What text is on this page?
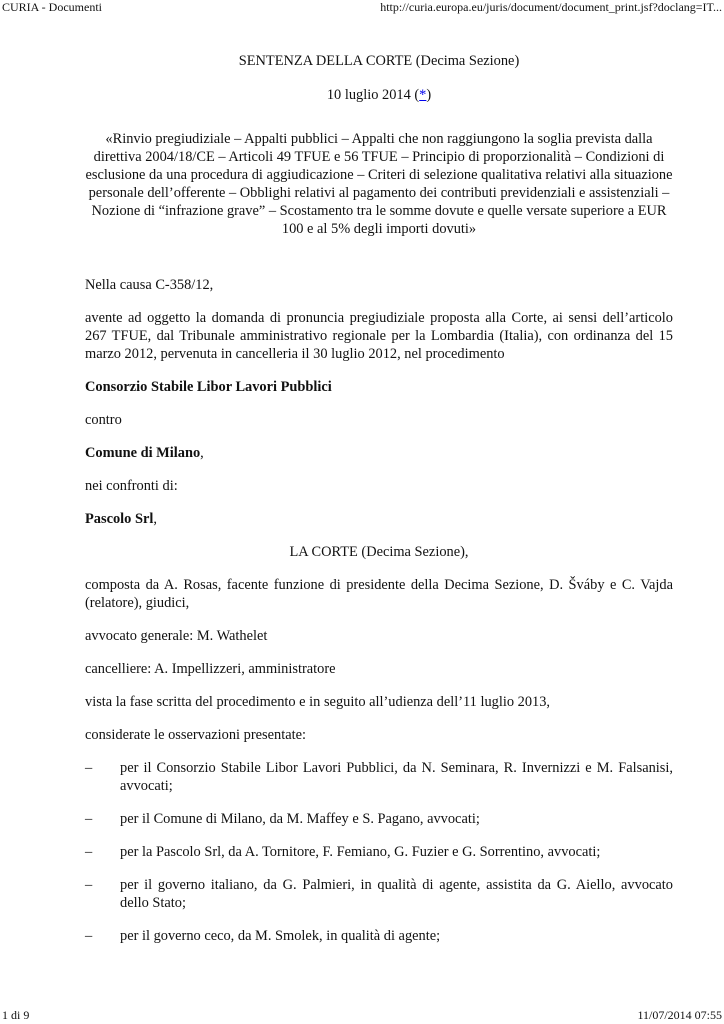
CURIA - Documenti	http://curia.europa.eu/juris/document/document_print.jsf?doclang=IT...

SENTENZA DELLA CORTE (Decima Sezione)

10 luglio 2014 (*)

«Rinvio pregiudiziale – Appalti pubblici – Appalti che non raggiungono la soglia prevista dalla direttiva 2004/18/CE – Articoli 49 TFUE e 56 TFUE – Principio di proporzionalità – Condizioni di esclusione da una procedura di aggiudicazione – Criteri di selezione qualitativa relativi alla situazione personale dell’offerente – Obblighi relativi al pagamento dei contributi previdenziali e assistenziali – Nozione di “infrazione grave” – Scostamento tra le somme dovute e quelle versate superiore a EUR 100 e al 5% degli importi dovuti»

Nella causa C‑358/12,

avente ad oggetto la domanda di pronuncia pregiudiziale proposta alla Corte, ai sensi dell’articolo 267 TFUE, dal Tribunale amministrativo regionale per la Lombardia (Italia), con ordinanza del 15 marzo 2012, pervenuta in cancelleria il 30 luglio 2012, nel procedimento

Consorzio Stabile Libor Lavori Pubblici

contro

Comune di Milano,

nei confronti di:

Pascolo Srl,

LA CORTE (Decima Sezione),

composta da A. Rosas, facente funzione di presidente della Decima Sezione, D. Šváby e C. Vajda (relatore), giudici,

avvocato generale: M. Wathelet

cancelliere: A. Impellizzeri, amministratore

vista la fase scritta del procedimento e in seguito all’udienza dell’11 luglio 2013,

considerate le osservazioni presentate:

– per il Consorzio Stabile Libor Lavori Pubblici, da N. Seminara, R. Invernizzi e M. Falsanisi, avvocati;
– per il Comune di Milano, da M. Maffey e S. Pagano, avvocati;
– per la Pascolo Srl, da A. Tornitore, F. Femiano, G. Fuzier e G. Sorrentino, avvocati;
– per il governo italiano, da G. Palmieri, in qualità di agente, assistita da G. Aiello, avvocato dello Stato;
– per il governo ceco, da M. Smolek, in qualità di agente;
1 di 9	11/07/2014 07:55
